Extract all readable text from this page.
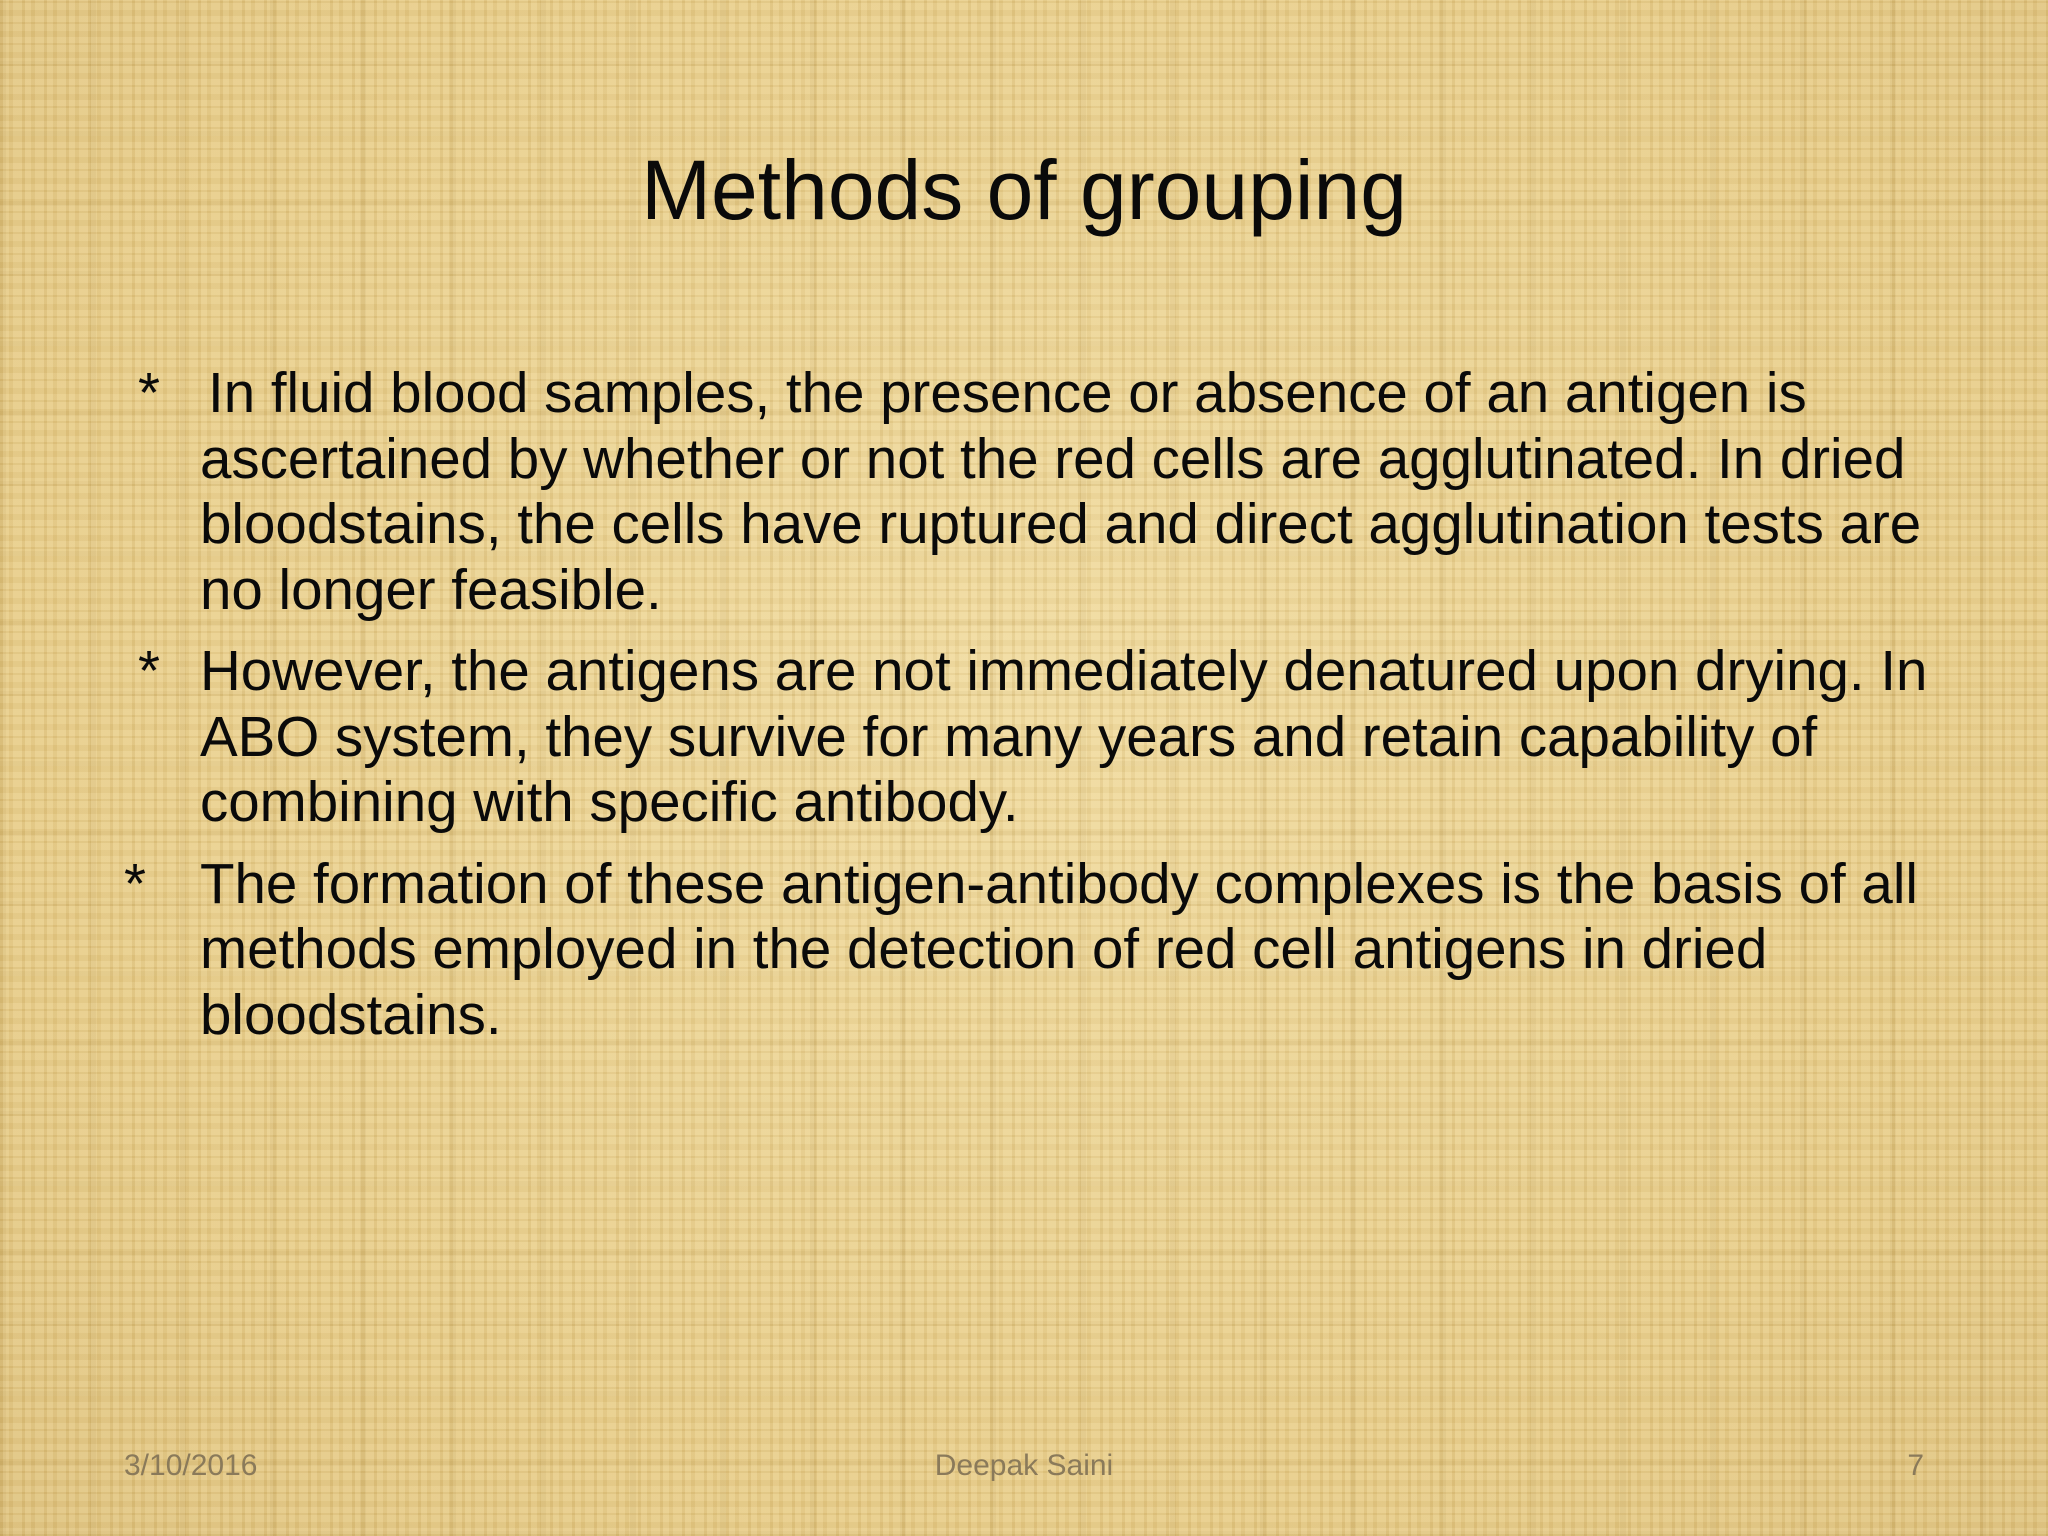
Methods of grouping

* In fluid blood samples, the presence or absence of an antigen is ascertained by whether or not the red cells are agglutinated. In dried bloodstains, the cells have ruptured and direct agglutination tests are no longer feasible.

* However, the antigens are not immediately denatured upon drying. In ABO system, they survive for many years and retain capability of combining with specific antibody.

* The formation of these antigen-antibody complexes is the basis of all methods employed in the detection of red cell antigens in dried bloodstains.

3/10/2016	Deepak Saini	7
